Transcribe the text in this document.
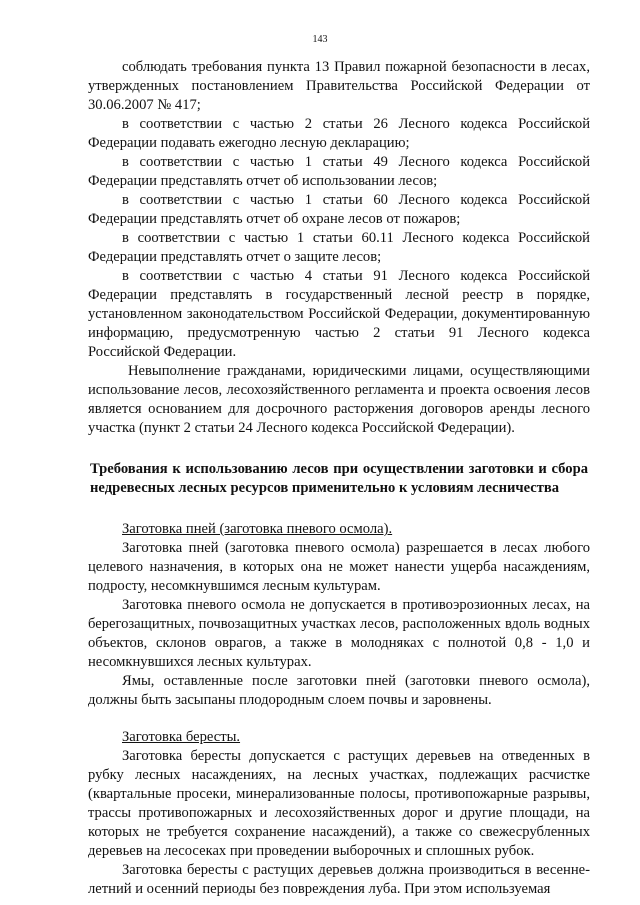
143

соблюдать требования пункта 13 Правил пожарной безопасности в лесах, утвержденных постановлением Правительства Российской Федерации от 30.06.2007 № 417;

в соответствии с частью 2 статьи 26 Лесного кодекса Российской Федерации подавать ежегодно лесную декларацию;

в соответствии с частью 1 статьи 49 Лесного кодекса Российской Федерации представлять отчет об использовании лесов;

в соответствии с частью 1 статьи 60 Лесного кодекса Российской Федерации представлять отчет об охране лесов от пожаров;

в соответствии с частью 1 статьи 60.11 Лесного кодекса Российской Федерации представлять отчет о защите лесов;

в соответствии с частью 4 статьи 91 Лесного кодекса Российской Федерации представлять в государственный лесной реестр в порядке, установленном законодательством Российской Федерации, документированную информацию, предусмотренную частью 2 статьи 91 Лесного кодекса Российской Федерации.

Невыполнение гражданами, юридическими лицами, осуществляющими использование лесов, лесохозяйственного регламента и проекта освоения лесов является основанием для досрочного расторжения договоров аренды лесного участка (пункт 2 статьи 24 Лесного кодекса Российской Федерации).

Требования к использованию лесов при осуществлении заготовки и сбора недревесных лесных ресурсов применительно к условиям лесничества

Заготовка пней (заготовка пневого осмола).

Заготовка пней (заготовка пневого осмола) разрешается в лесах любого целевого назначения, в которых она не может нанести ущерба насаждениям, подросту, несомкнувшимся лесным культурам.

Заготовка пневого осмола не допускается в противоэрозионных лесах, на берегозащитных, почвозащитных участках лесов, расположенных вдоль водных объектов, склонов оврагов, а также в молодняках с полнотой 0,8 - 1,0 и несомкнувшихся лесных культурах.

Ямы, оставленные после заготовки пней (заготовки пневого осмола), должны быть засыпаны плодородным слоем почвы и заровнены.

Заготовка бересты.

Заготовка бересты допускается с растущих деревьев на отведенных в рубку лесных насаждениях, на лесных участках, подлежащих расчистке (квартальные просеки, минерализованные полосы, противопожарные разрывы, трассы противопожарных и лесохозяйственных дорог и другие площади, на которых не требуется сохранение насаждений), а также со свежесрубленных деревьев на лесосеках при проведении выборочных и сплошных рубок.

Заготовка бересты с растущих деревьев должна производиться в весенне-летний и осенний периоды без повреждения луба. При этом используемая
